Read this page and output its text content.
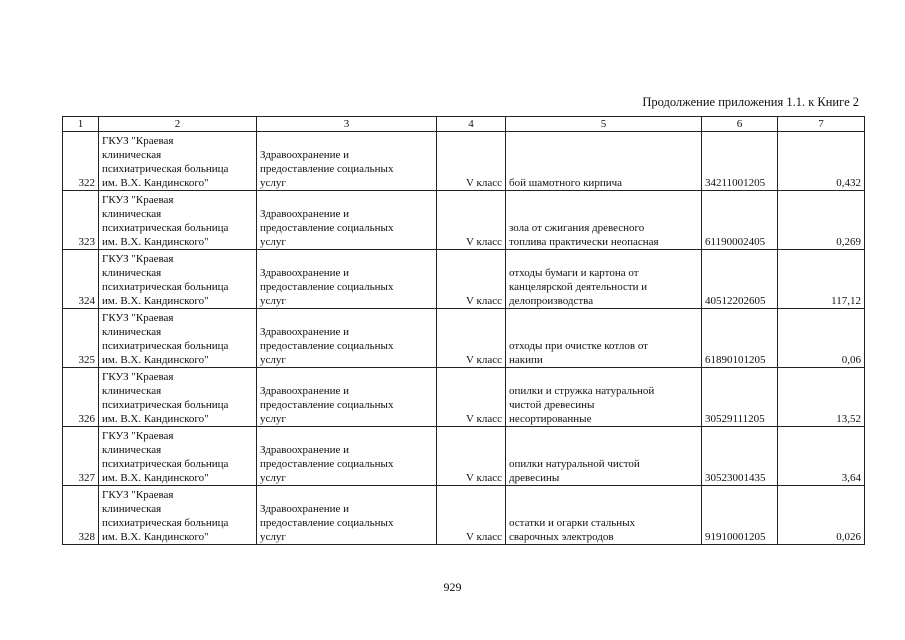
Продолжение приложения 1.1. к Книге 2
1	2	3	4	5	6	7

322	ГКУЗ "Краевая
клиническая
психиатрическая больница
им. В.Х. Кандинского"	Здравоохранение и
предоставление социальных
услуг	V класс	бой шамотного кирпича	34211001205	0,432

323	ГКУЗ "Краевая
клиническая
психиатрическая больница
им. В.Х. Кандинского"	Здравоохранение и
предоставление социальных
услуг	V класс	зола от сжигания древесного
топлива практически неопасная	61190002405	0,269

324	ГКУЗ "Краевая
клиническая
психиатрическая больница
им. В.Х. Кандинского"	Здравоохранение и
предоставление социальных
услуг	V класс	отходы бумаги и картона от
канцелярской деятельности и
делопроизводства	40512202605	117,12

325	ГКУЗ "Краевая
клиническая
психиатрическая больница
им. В.Х. Кандинского"	Здравоохранение и
предоставление социальных
услуг	V класс	отходы при очистке котлов от
накипи	61890101205	0,06

326	ГКУЗ "Краевая
клиническая
психиатрическая больница
им. В.Х. Кандинского"	Здравоохранение и
предоставление социальных
услуг	V класс	опилки и стружка натуральной
чистой древесины
несортированные	30529111205	13,52

327	ГКУЗ "Краевая
клиническая
психиатрическая больница
им. В.Х. Кандинского"	Здравоохранение и
предоставление социальных
услуг	V класс	опилки натуральной чистой
древесины	30523001435	3,64

328	ГКУЗ "Краевая
клиническая
психиатрическая больница
им. В.Х. Кандинского"	Здравоохранение и
предоставление социальных
услуг	V класс	остатки и огарки стальных
сварочных электродов	91910001205	0,026
929
